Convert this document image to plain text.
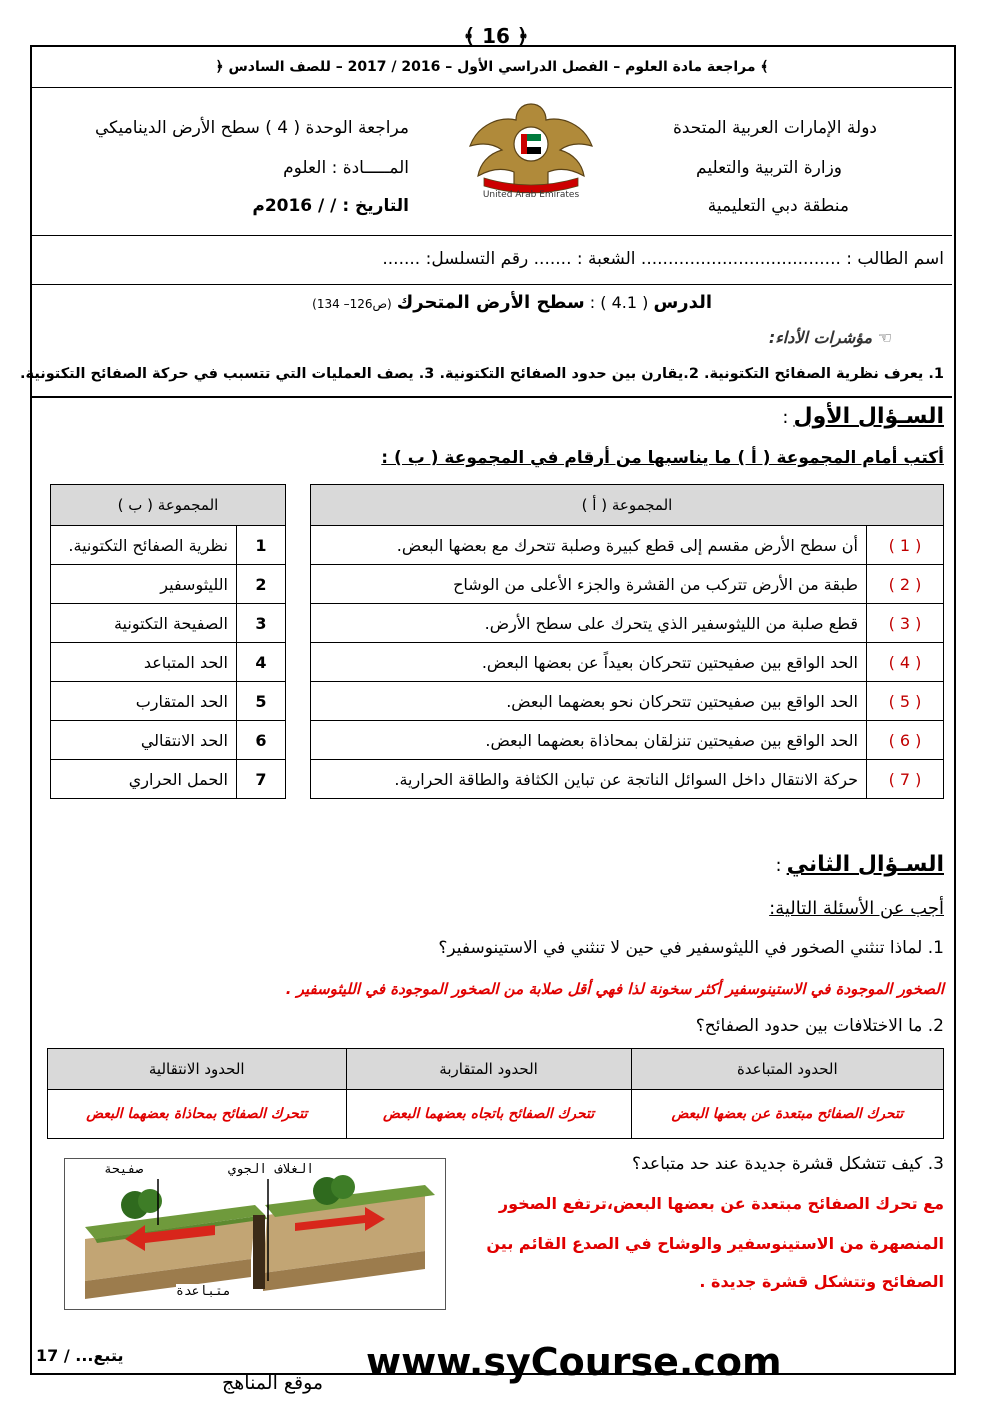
﴾ 16 ﴿
﴾ مراجعة مادة العلوم – الفصل الدراسي الأول – 2016 / 2017 – للصف السادس ﴿
دولة الإمارات العربية المتحدة
وزارة التربية والتعليم
منطقة دبي التعليمية
مراجعة الوحدة ( 4 ) سطح الأرض الديناميكي
المـــــادة : العلوم
التاريخ : / / 2016م
United Arab Emirates
اسم الطالب : ..................................... الشعبة : ....... رقم التسلسل: .......
الدرس ( 4.1 ) : سطح الأرض المتحرك (ص126– 134)
☜ مؤشرات الأداء:
1. يعرف نظرية الصفائح التكتونية. 2.يقارن بين حدود الصفائح التكتونية. 3. يصف العمليات التي تتسبب في حركة الصفائح التكتونية.
السـؤال الأول :
أكتب أمام المجموعة ( أ ) ما يناسبها من أرقام في المجموعة ( ب ) :
المجموعة ( أ )	
( 1 )	أن سطح الأرض مقسم إلى قطع كبيرة وصلبة تتحرك مع بعضها البعض.
( 2 )	طبقة من الأرض تتركب من القشرة والجزء الأعلى من الوشاح
( 3 )	قطع صلبة من الليثوسفير الذي يتحرك على سطح الأرض.
( 4 )	الحد الواقع بين صفيحتين تتحركان بعيداً عن بعضها البعض.
( 5 )	الحد الواقع بين صفيحتين تتحركان نحو بعضهما البعض.
( 6 )	الحد الواقع بين صفيحتين تنزلقان بمحاذاة بعضهما البعض.
( 7 )	حركة الانتقال داخل السوائل الناتجة عن تباين الكثافة والطاقة الحرارية.
المجموعة ( ب )	
1	نظرية الصفائح التكتونية.
2	الليثوسفير
3	الصفيحة التكتونية
4	الحد المتباعد
5	الحد المتقارب
6	الحد الانتقالي
7	الحمل الحراري
السـؤال الثاني :
أجب عن الأسئلة التالية:
1. لماذا تنثني الصخور في الليثوسفير في حين لا تنثني في الاستينوسفير؟
الصخور الموجودة في الاستينوسفير أكثر سخونة لذا فهي أقل صلابة من الصخور الموجودة في الليثوسفير .
2. ما الاختلافات بين حدود الصفائح؟
الحدود المتباعدة	الحدود المتقاربة	الحدود الانتقالية
تتحرك الصفائح مبتعدة عن بعضها البعض	تتحرك الصفائح باتجاه بعضهما البعض	تتحرك الصفائح بمحاذاة بعضهما البعض
3. كيف تتشكل قشرة جديدة عند حد متباعد؟
مع تحرك الصفائح مبتعدة عن بعضها البعض،ترتفع الصخور
المنصهرة من الاستينوسفير والوشاح في الصدع القائم بين
الصفائح وتتشكل قشرة جديدة .
صفيحة	الغلاف الجوي
متباعدة
يتبع... / 17
موقع المناهج www.syCourse.com
